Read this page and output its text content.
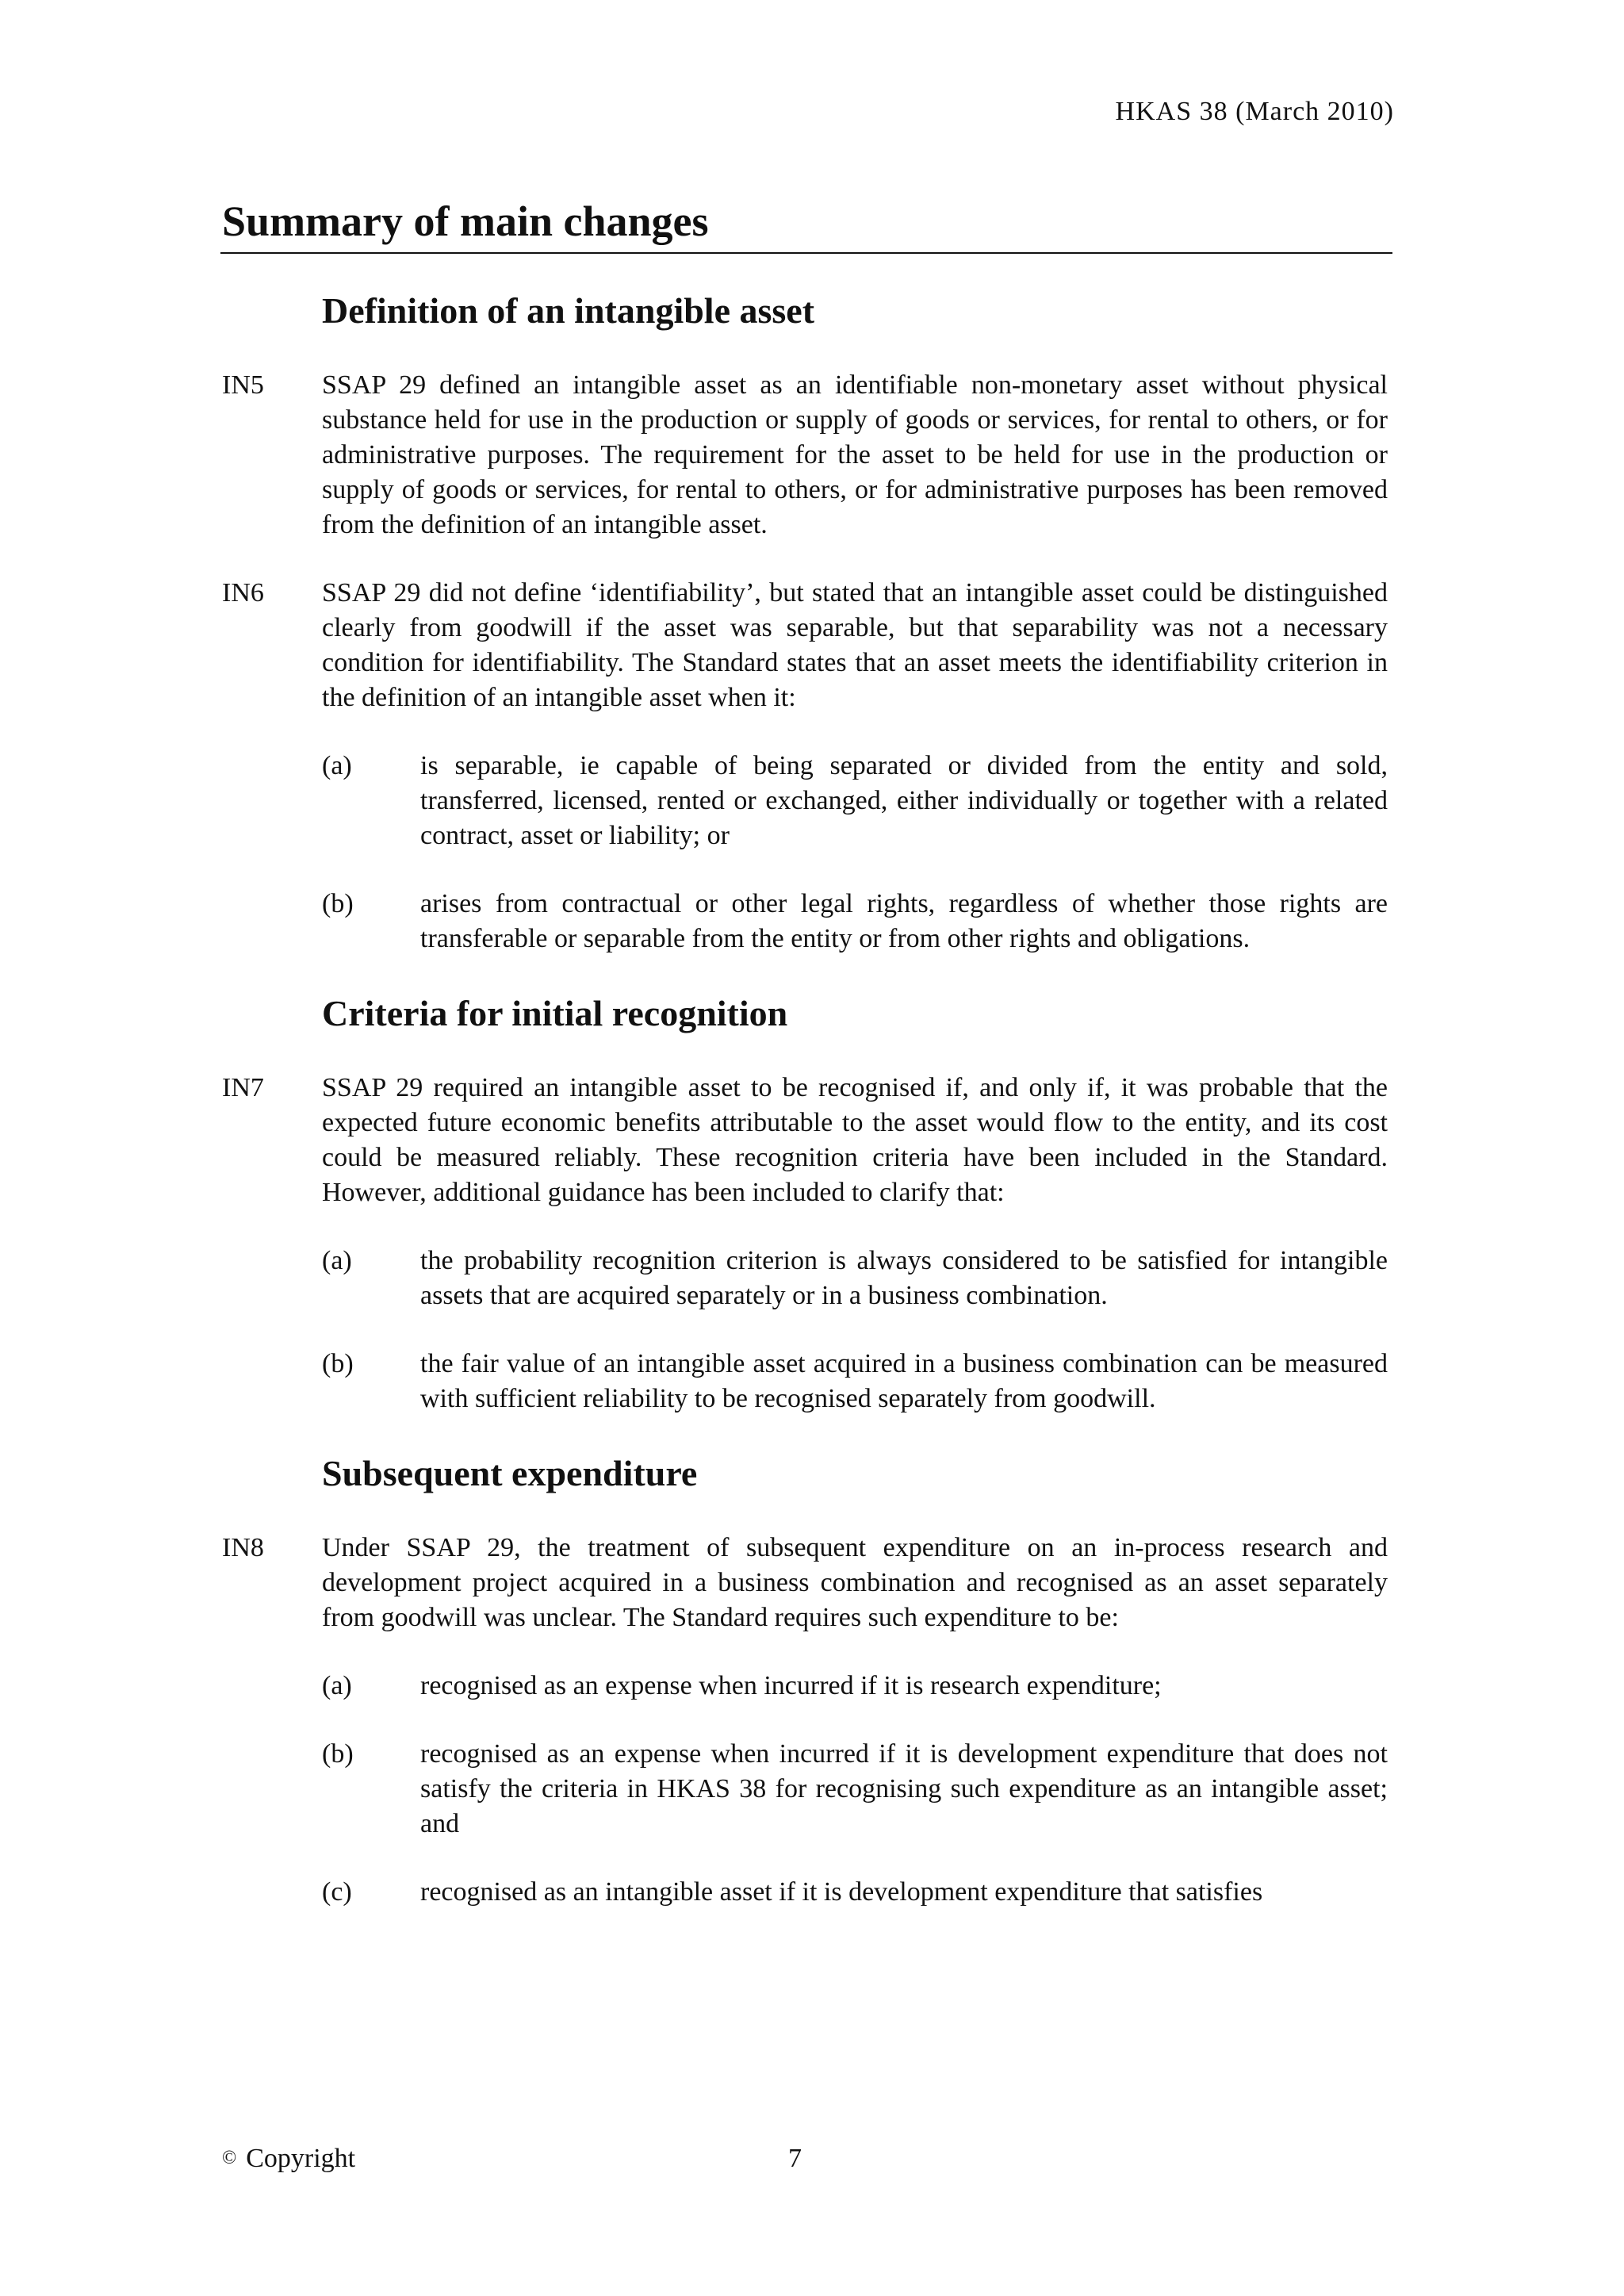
HKAS 38 (March 2010)
Summary of main changes
Definition of an intangible asset
IN5	SSAP 29 defined an intangible asset as an identifiable non-monetary asset without physical substance held for use in the production or supply of goods or services, for rental to others, or for administrative purposes. The requirement for the asset to be held for use in the production or supply of goods or services, for rental to others, or for administrative purposes has been removed from the definition of an intangible asset.
IN6	SSAP 29 did not define ‘identifiability’, but stated that an intangible asset could be distinguished clearly from goodwill if the asset was separable, but that separability was not a necessary condition for identifiability. The Standard states that an asset meets the identifiability criterion in the definition of an intangible asset when it:
(a)	is separable, ie capable of being separated or divided from the entity and sold, transferred, licensed, rented or exchanged, either individually or together with a related contract, asset or liability; or
(b)	arises from contractual or other legal rights, regardless of whether those rights are transferable or separable from the entity or from other rights and obligations.
Criteria for initial recognition
IN7	SSAP 29 required an intangible asset to be recognised if, and only if, it was probable that the expected future economic benefits attributable to the asset would flow to the entity, and its cost could be measured reliably. These recognition criteria have been included in the Standard. However, additional guidance has been included to clarify that:
(a)	the probability recognition criterion is always considered to be satisfied for intangible assets that are acquired separately or in a business combination.
(b)	the fair value of an intangible asset acquired in a business combination can be measured with sufficient reliability to be recognised separately from goodwill.
Subsequent expenditure
IN8	Under SSAP 29, the treatment of subsequent expenditure on an in-process research and development project acquired in a business combination and recognised as an asset separately from goodwill was unclear. The Standard requires such expenditure to be:
(a)	recognised as an expense when incurred if it is research expenditure;
(b)	recognised as an expense when incurred if it is development expenditure that does not satisfy the criteria in HKAS 38 for recognising such expenditure as an intangible asset; and
(c)	recognised as an intangible asset if it is development expenditure that satisfies
© Copyright	7
